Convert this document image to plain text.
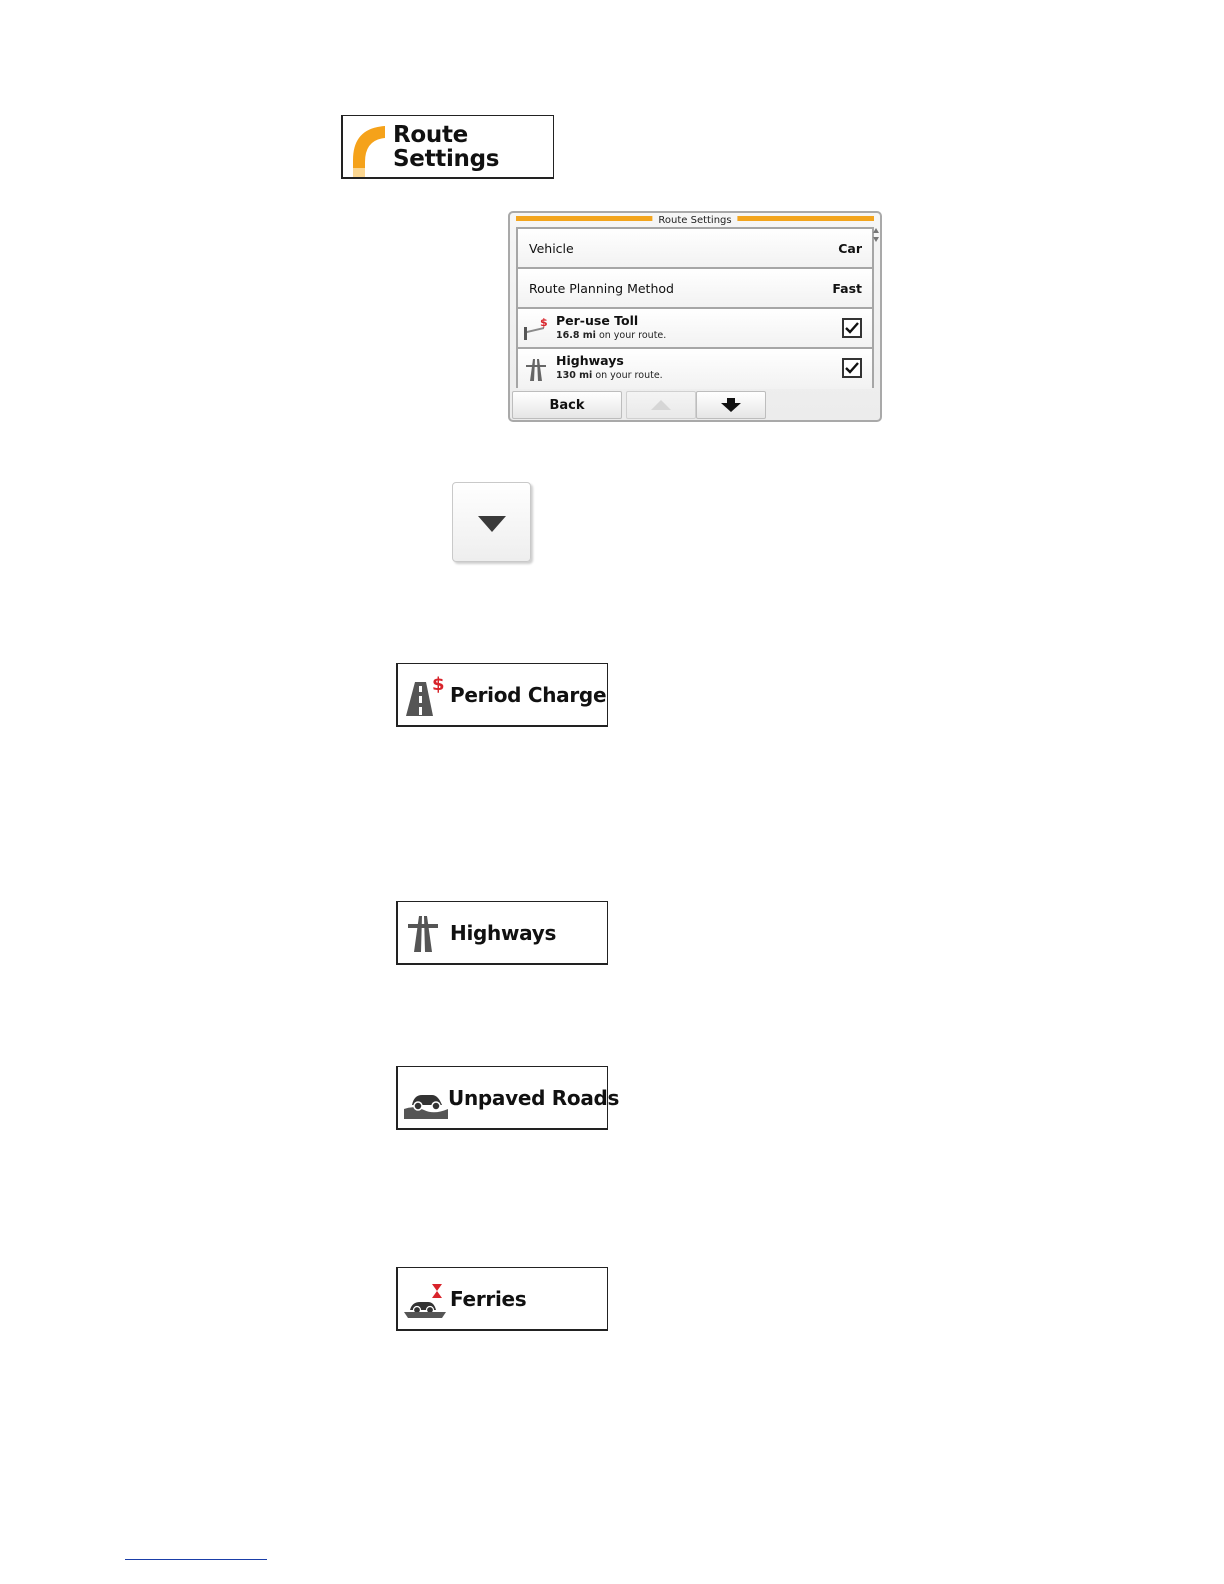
Route
Settings
Route Settings
Vehicle	Car
Route Planning Method	Fast
$ Per-use Toll
16.8 mi on your route.
Highways
130 mi on your route.
Back
$ Period Charge
Highways
Unpaved Roads
Ferries
